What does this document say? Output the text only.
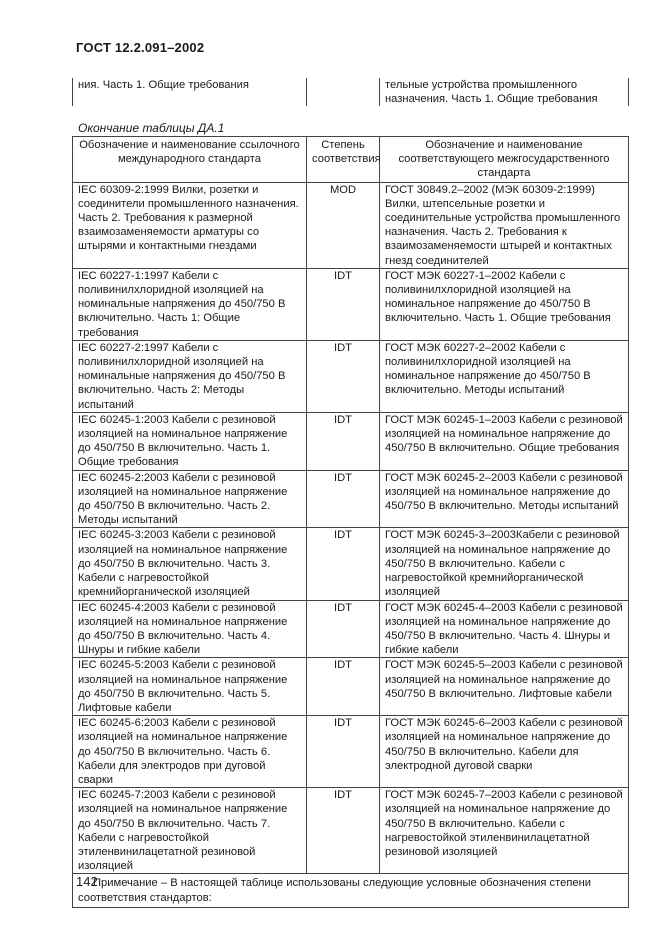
ГОСТ 12.2.091–2002
ния. Часть 1. Общие требования		тельные устройства промышленного назначения. Часть 1. Общие требования
Окончание таблицы ДА.1
Обозначение и наименование ссылочного международного стандарта	Степень соответствия	Обозначение и наименование соответствующего межгосударственного стандарта
IEC 60309-2:1999 Вилки, розетки и соединители промышленного назначения. Часть 2. Требования к размерной взаимозаменяемости арматуры со штырями и контактными гнездами	MOD	ГОСТ 30849.2–2002 (МЭК 60309-2:1999) Вилки, штепсельные розетки и соединительные устройства промышленного назначения. Часть 2. Требования к взаимозаменяемости штырей и контактных гнезд соединителей
IEC 60227-1:1997 Кабели с поливинилхлоридной изоляцией на номинальные напряжения до 450/750 В включительно. Часть 1: Общие требования	IDT	ГОСТ МЭК 60227-1–2002 Кабели с поливинилхлоридной изоляцией на номинальное напряжение до 450/750 В включительно. Часть 1. Общие требования
IEC 60227-2:1997 Кабели с поливинилхлоридной изоляцией на номинальные напряжения до 450/750 В включительно. Часть 2: Методы испытаний	IDT	ГОСТ МЭК 60227-2–2002 Кабели с поливинилхлоридной изоляцией на номинальное напряжение до 450/750 В включительно. Методы испытаний
IEC 60245-1:2003 Кабели с резиновой изоляцией на номинальное напряжение до 450/750 В включительно. Часть 1. Общие требования	IDT	ГОСТ МЭК 60245-1–2003 Кабели с резиновой изоляцией на номинальное напряжение до 450/750 В включительно. Общие требования
IEC 60245-2:2003 Кабели с резиновой изоляцией на номинальное напряжение до 450/750 В включительно. Часть 2. Методы испытаний	IDT	ГОСТ МЭК 60245-2–2003 Кабели с резиновой изоляцией на номинальное напряжение до 450/750 В включительно. Методы испытаний
IEC 60245-3:2003 Кабели с резиновой изоляцией на номинальное напряжение до 450/750 В включительно. Часть 3. Кабели с нагревостойкой кремнийорганической изоляцией	IDT	ГОСТ МЭК 60245-3–2003Кабели с резиновой изоляцией на номинальное напряжение до 450/750 В включительно. Кабели с нагревостойкой кремнийорганической изоляцией
IEC 60245-4:2003 Кабели с резиновой изоляцией на номинальное напряжение до 450/750 В включительно. Часть 4. Шнуры и гибкие кабели	IDT	ГОСТ МЭК 60245-4–2003 Кабели с резиновой изоляцией на номинальное напряжение до 450/750 В включительно. Часть 4. Шнуры и гибкие кабели
IEC 60245-5:2003 Кабели с резиновой изоляцией на номинальное напряжение до 450/750 В включительно. Часть 5. Лифтовые кабели	IDT	ГОСТ МЭК 60245-5–2003 Кабели с резиновой изоляцией на номинальное напряжение до 450/750 В включительно. Лифтовые кабели
IEC 60245-6:2003 Кабели с резиновой изоляцией на номинальное напряжение до 450/750 В включительно. Часть 6. Кабели для электродов при дуговой сварки	IDT	ГОСТ МЭК 60245-6–2003 Кабели с резиновой изоляцией на номинальное напряжение до 450/750 В включительно. Кабели для электродной дуговой сварки
IEC 60245-7:2003 Кабели с резиновой изоляцией на номинальное напряжение до 450/750 В включительно. Часть 7. Кабели с нагревостойкой этиленвинилацетатной резиновой изоляцией	IDT	ГОСТ МЭК 60245-7–2003 Кабели с резиновой изоляцией на номинальное напряжение до 450/750 В включительно. Кабели с нагревостойкой этиленвинилацетатной резиновой изоляцией
Примечание – В настоящей таблице использованы следующие условные обозначения степени соответствия стандартов:		
142
